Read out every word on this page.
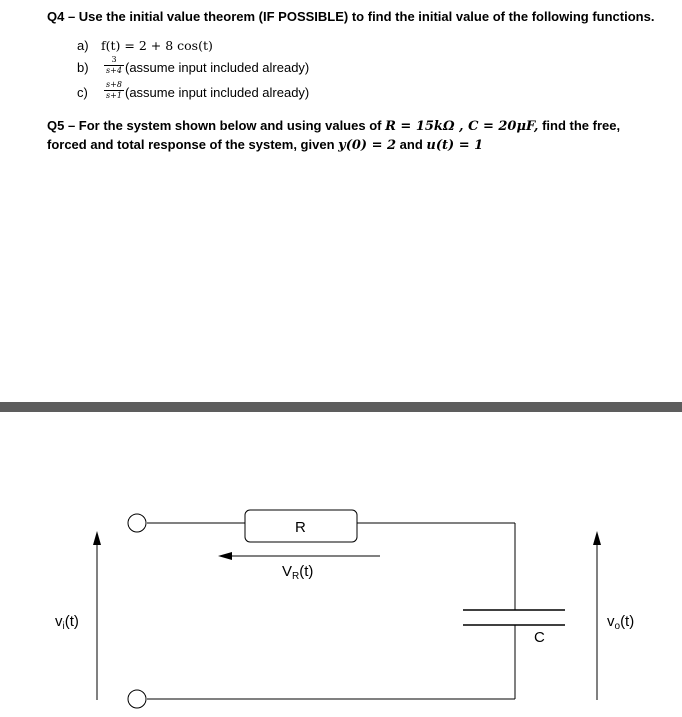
Q4 – Use the initial value theorem (IF POSSIBLE) to find the initial value of the following functions.
a) f(t) = 2 + 8 cos(t)
b)	$\frac{3}{s+4}$ (assume input included already)
c)	$\frac{s+8}{s+1}$ (assume input included already)
Q5 – For the system shown below and using values of R = 15kΩ , C = 20μF, find the free,
forced and total response of the system, given y(0) = 2 and u(t) = 1
R
C
$V_R(t)$
$v_i(t)$	$v_o(t)$
